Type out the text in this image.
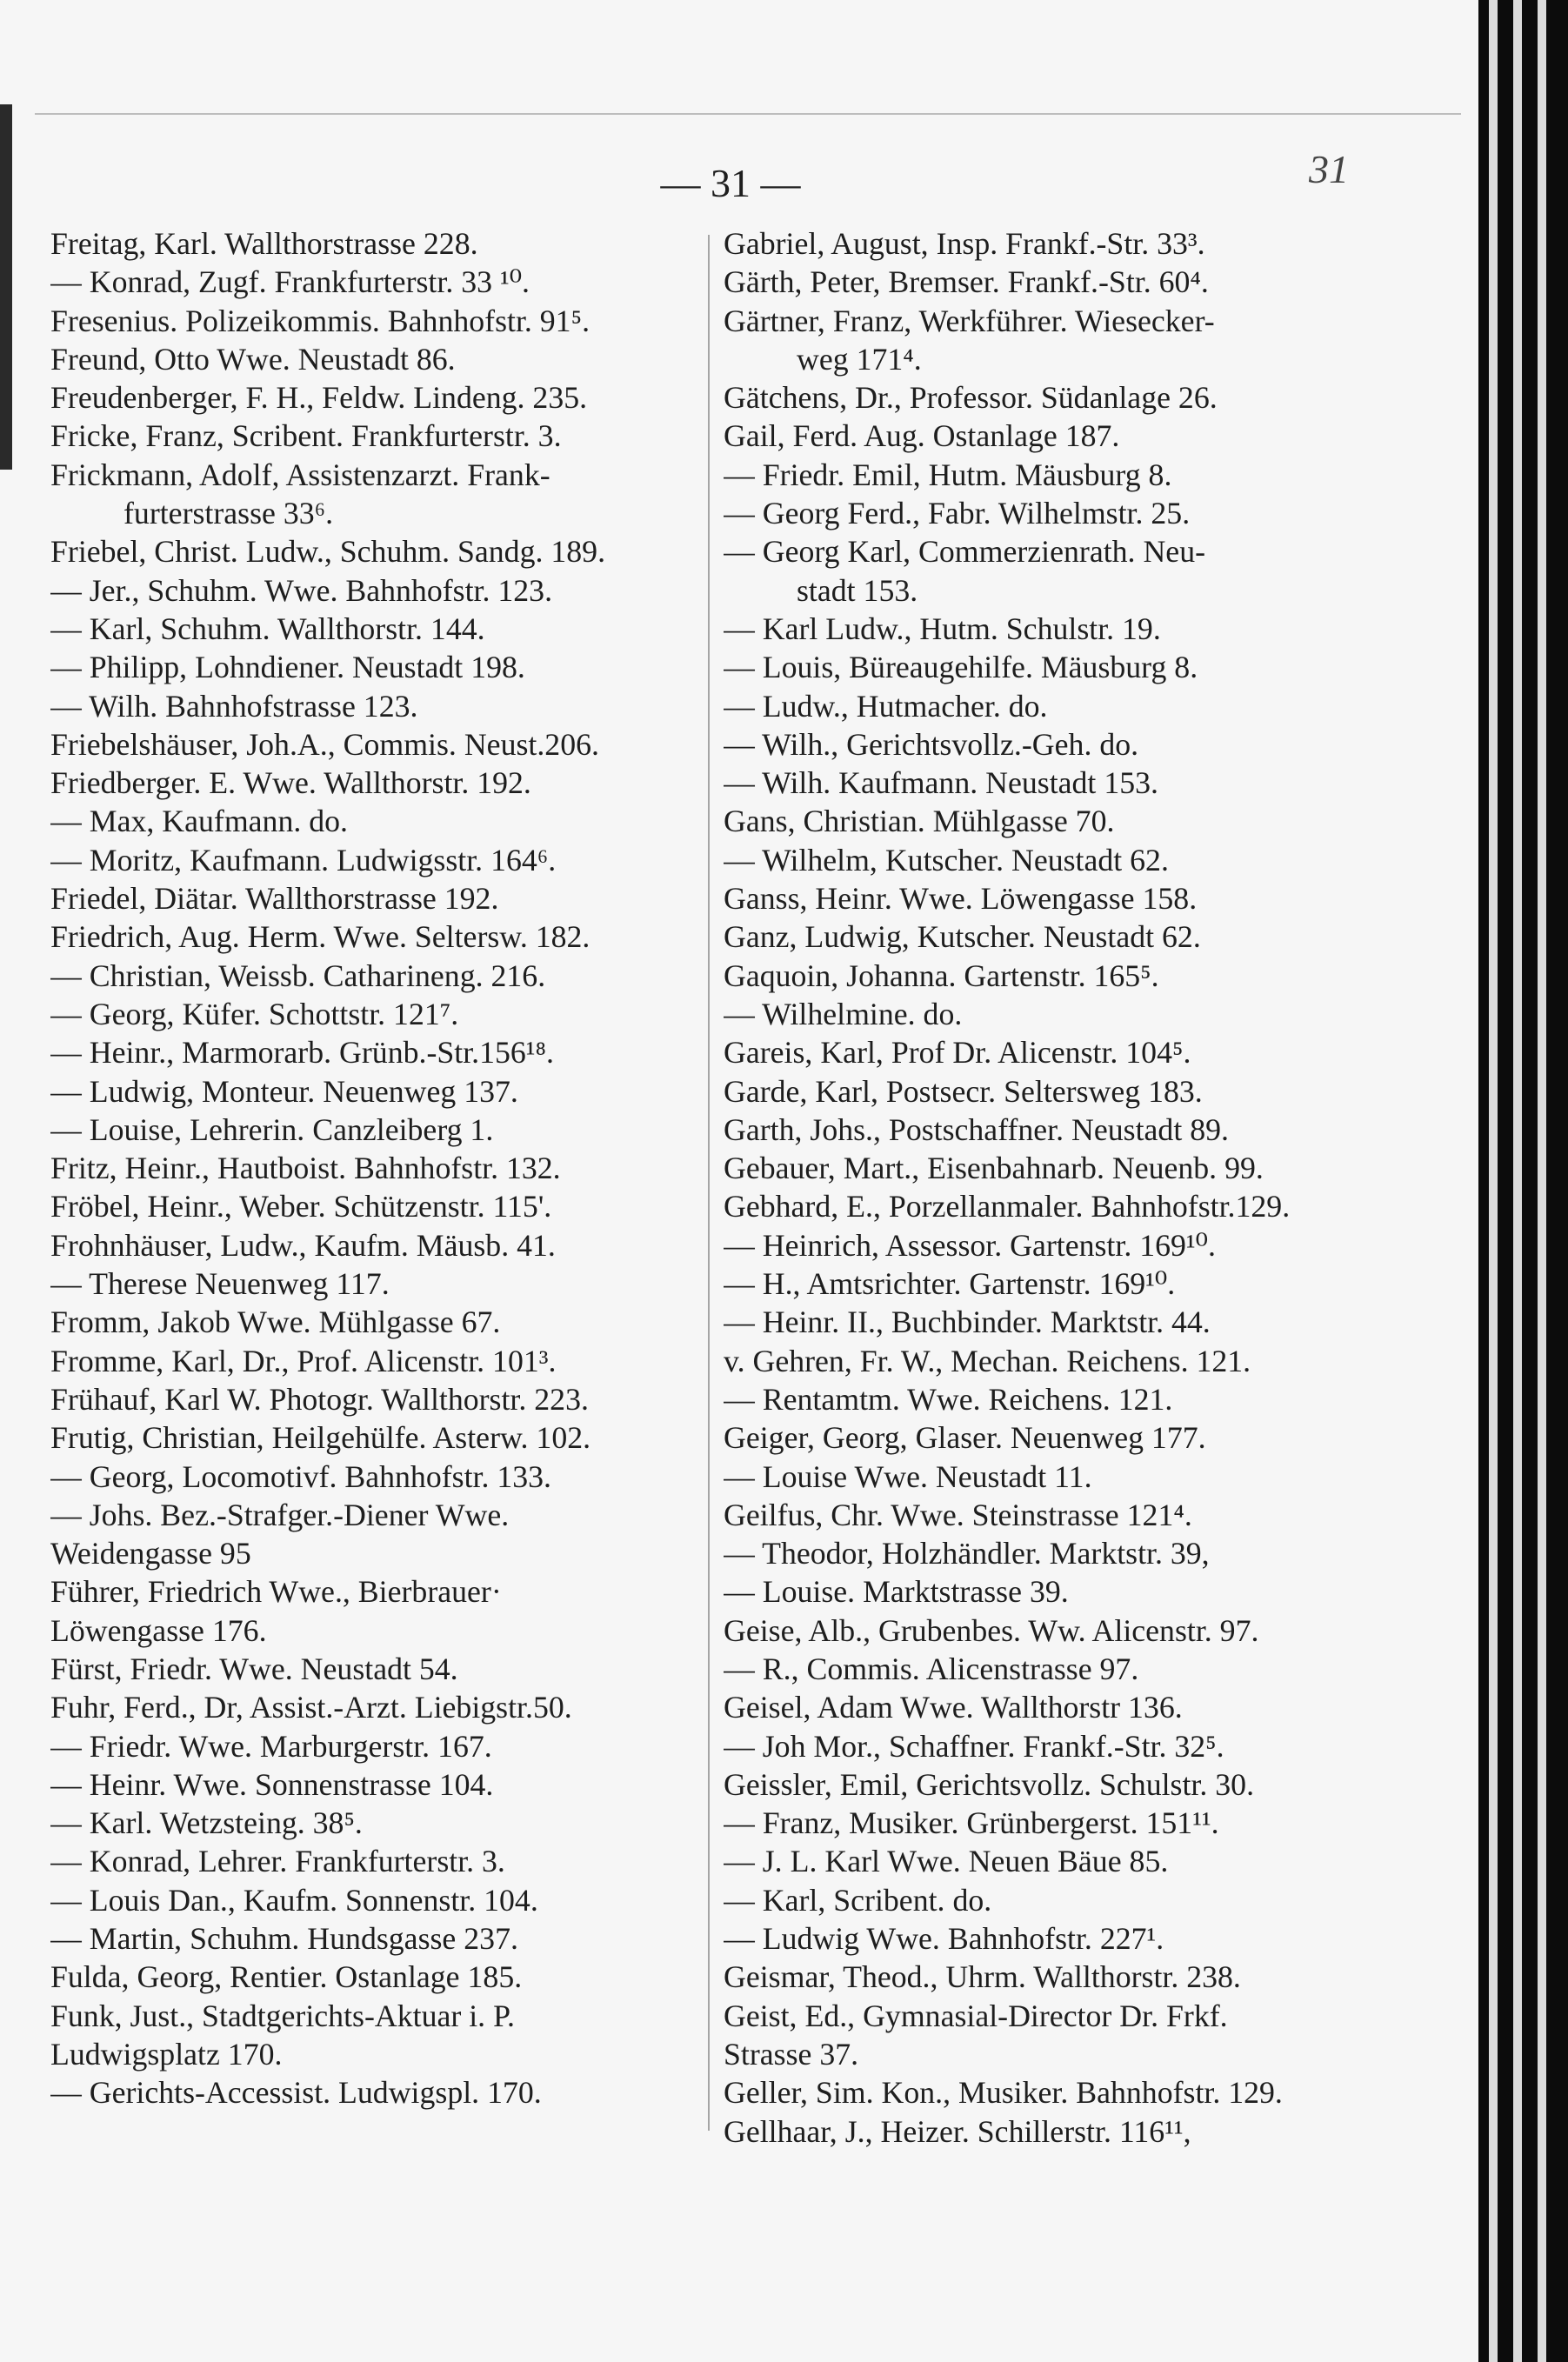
— 31 —	31
Freitag, Karl. Wallthorstrasse 228.
— Konrad, Zugf. Frankfurterstr. 33 ¹⁰.
Fresenius. Polizeikommis. Bahnhofstr. 91⁵.
Freund, Otto Wwe. Neustadt 86.
Freudenberger, F. H., Feldw. Lindeng. 235.
Fricke, Franz, Scribent. Frankfurterstr. 3.
Frickmann, Adolf, Assistenzarzt. Frank-
furterstrasse 33⁶.
Friebel, Christ. Ludw., Schuhm. Sandg. 189.
— Jer., Schuhm. Wwe. Bahnhofstr. 123.
— Karl, Schuhm. Wallthorstr. 144.
— Philipp, Lohndiener. Neustadt 198.
— Wilh. Bahnhofstrasse 123.
Friebelshäuser, Joh.A., Commis. Neust.206.
Friedberger. E. Wwe. Wallthorstr. 192.
— Max, Kaufmann. do.
— Moritz, Kaufmann. Ludwigsstr. 164⁶.
Friedel, Diätar. Wallthorstrasse 192.
Friedrich, Aug. Herm. Wwe. Seltersw. 182.
— Christian, Weissb. Catharineng. 216.
— Georg, Küfer. Schottstr. 121⁷.
— Heinr., Marmorarb. Grünb.-Str.156¹⁸.
— Ludwig, Monteur. Neuenweg 137.
— Louise, Lehrerin. Canzleiberg 1.
Fritz, Heinr., Hautboist. Bahnhofstr. 132.
Fröbel, Heinr., Weber. Schützenstr. 115'.
Frohnhäuser, Ludw., Kaufm. Mäusb. 41.
— Therese Neuenweg 117.
Fromm, Jakob Wwe. Mühlgasse 67.
Fromme, Karl, Dr., Prof. Alicenstr. 101³.
Frühauf, Karl W. Photogr. Wallthorstr. 223.
Frutig, Christian, Heilgehülfe. Asterw. 102.
— Georg, Locomotivf. Bahnhofstr. 133.
— Johs. Bez.-Strafger.-Diener Wwe.
Weidengasse 95
Führer, Friedrich Wwe., Bierbrauer·
Löwengasse 176.
Fürst, Friedr. Wwe. Neustadt 54.
Fuhr, Ferd., Dr, Assist.-Arzt. Liebigstr.50.
— Friedr. Wwe. Marburgerstr. 167.
— Heinr. Wwe. Sonnenstrasse 104.
— Karl. Wetzsteing. 38⁵.
— Konrad, Lehrer. Frankfurterstr. 3.
— Louis Dan., Kaufm. Sonnenstr. 104.
— Martin, Schuhm. Hundsgasse 237.
Fulda, Georg, Rentier. Ostanlage 185.
Funk, Just., Stadtgerichts-Aktuar i. P.
Ludwigsplatz 170.
— Gerichts-Accessist. Ludwigspl. 170.
Gabriel, August, Insp. Frankf.-Str. 33³.
Gärth, Peter, Bremser. Frankf.-Str. 60⁴.
Gärtner, Franz, Werkführer. Wiesecker-
weg 171⁴.
Gätchens, Dr., Professor. Südanlage 26.
Gail, Ferd. Aug. Ostanlage 187.
— Friedr. Emil, Hutm. Mäusburg 8.
— Georg Ferd., Fabr. Wilhelmstr. 25.
— Georg Karl, Commerzienrath. Neu-
stadt 153.
— Karl Ludw., Hutm. Schulstr. 19.
— Louis, Büreaugehilfe. Mäusburg 8.
— Ludw., Hutmacher. do.
— Wilh., Gerichtsvollz.-Geh. do.
— Wilh. Kaufmann. Neustadt 153.
Gans, Christian. Mühlgasse 70.
— Wilhelm, Kutscher. Neustadt 62.
Ganss, Heinr. Wwe. Löwengasse 158.
Ganz, Ludwig, Kutscher. Neustadt 62.
Gaquoin, Johanna. Gartenstr. 165⁵.
— Wilhelmine. do.
Gareis, Karl, Prof Dr. Alicenstr. 104⁵.
Garde, Karl, Postsecr. Seltersweg 183.
Garth, Johs., Postschaffner. Neustadt 89.
Gebauer, Mart., Eisenbahnarb. Neuenb. 99.
Gebhard, E., Porzellanmaler. Bahnhofstr.129.
— Heinrich, Assessor. Gartenstr. 169¹⁰.
— H., Amtsrichter. Gartenstr. 169¹⁰.
— Heinr. II., Buchbinder. Marktstr. 44.
v. Gehren, Fr. W., Mechan. Reichens. 121.
— Rentamtm. Wwe. Reichens. 121.
Geiger, Georg, Glaser. Neuenweg 177.
— Louise Wwe. Neustadt 11.
Geilfus, Chr. Wwe. Steinstrasse 121⁴.
— Theodor, Holzhändler. Marktstr. 39,
— Louise. Marktstrasse 39.
Geise, Alb., Grubenbes. Ww. Alicenstr. 97.
— R., Commis. Alicenstrasse 97.
Geisel, Adam Wwe. Wallthorstr 136.
— Joh Mor., Schaffner. Frankf.-Str. 32⁵.
Geissler, Emil, Gerichtsvollz. Schulstr. 30.
— Franz, Musiker. Grünbergerst. 151¹¹.
— J. L. Karl Wwe. Neuen Bäue 85.
— Karl, Scribent. do.
— Ludwig Wwe. Bahnhofstr. 227¹.
Geismar, Theod., Uhrm. Wallthorstr. 238.
Geist, Ed., Gymnasial-Director Dr. Frkf.
Strasse 37.
Geller, Sim. Kon., Musiker. Bahnhofstr. 129.
Gellhaar, J., Heizer. Schillerstr. 116¹¹,
